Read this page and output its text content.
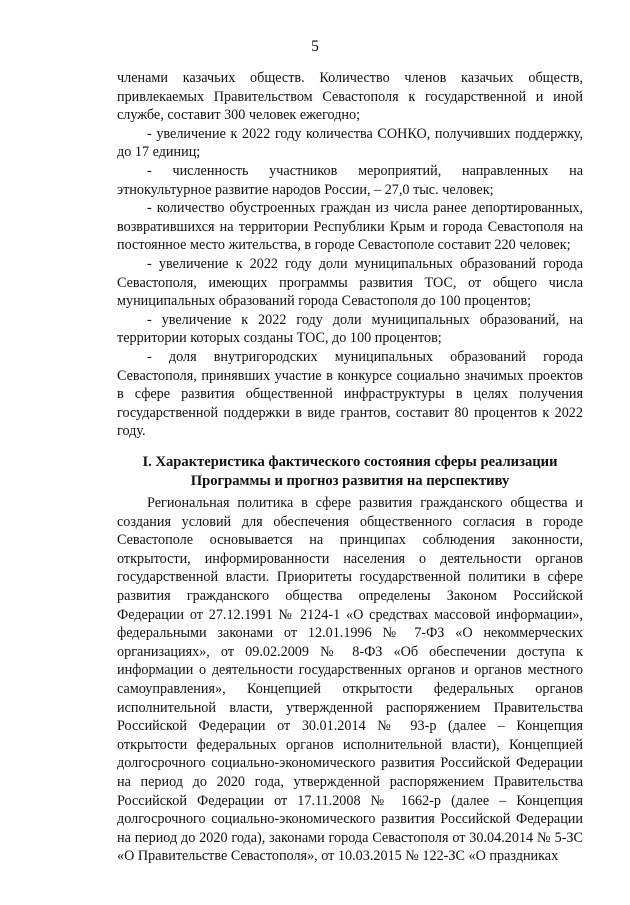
5

членами казачьих обществ. Количество членов казачьих обществ, привлекаемых Правительством Севастополя к государственной и иной службе, составит 300 человек ежегодно;

- увеличение к 2022 году количества СОНКО, получивших поддержку, до 17 единиц;

- численность участников мероприятий, направленных на этнокультурное развитие народов России, – 27,0 тыс. человек;

- количество обустроенных граждан из числа ранее депортированных, возвратившихся на территории Республики Крым и города Севастополя на постоянное место жительства, в городе Севастополе составит 220 человек;

- увеличение к 2022 году доли муниципальных образований города Севастополя, имеющих программы развития ТОС, от общего числа муниципальных образований города Севастополя до 100 процентов;

- увеличение к 2022 году доли муниципальных образований, на территории которых созданы ТОС, до 100 процентов;

- доля внутригородских муниципальных образований города Севастополя, принявших участие в конкурсе социально значимых проектов в сфере развития общественной инфраструктуры в целях получения государственной поддержки в виде грантов, составит 80 процентов к 2022 году.

I. Характеристика фактического состояния сферы реализации
Программы и прогноз развития на перспективу

Региональная политика в сфере развития гражданского общества и создания условий для обеспечения общественного согласия в городе Севастополе основывается на принципах соблюдения законности, открытости, информированности населения о деятельности органов государственной власти. Приоритеты государственной политики в сфере развития гражданского общества определены Законом Российской Федерации от 27.12.1991 № 2124-1 «О средствах массовой информации», федеральными законами от 12.01.1996 № 7-ФЗ «О некоммерческих организациях», от 09.02.2009 № 8-ФЗ «Об обеспечении доступа к информации о деятельности государственных органов и органов местного самоуправления», Концепцией открытости федеральных органов исполнительной власти, утвержденной распоряжением Правительства Российской Федерации от 30.01.2014 № 93-р (далее – Концепция открытости федеральных органов исполнительной власти), Концепцией долгосрочного социально-экономического развития Российской Федерации на период до 2020 года, утвержденной распоряжением Правительства Российской Федерации от 17.11.2008 № 1662-р (далее – Концепция долгосрочного социально-экономического развития Российской Федерации на период до 2020 года), законами города Севастополя от 30.04.2014 № 5-ЗС «О Правительстве Севастополя», от 10.03.2015 № 122-ЗС «О праздниках
